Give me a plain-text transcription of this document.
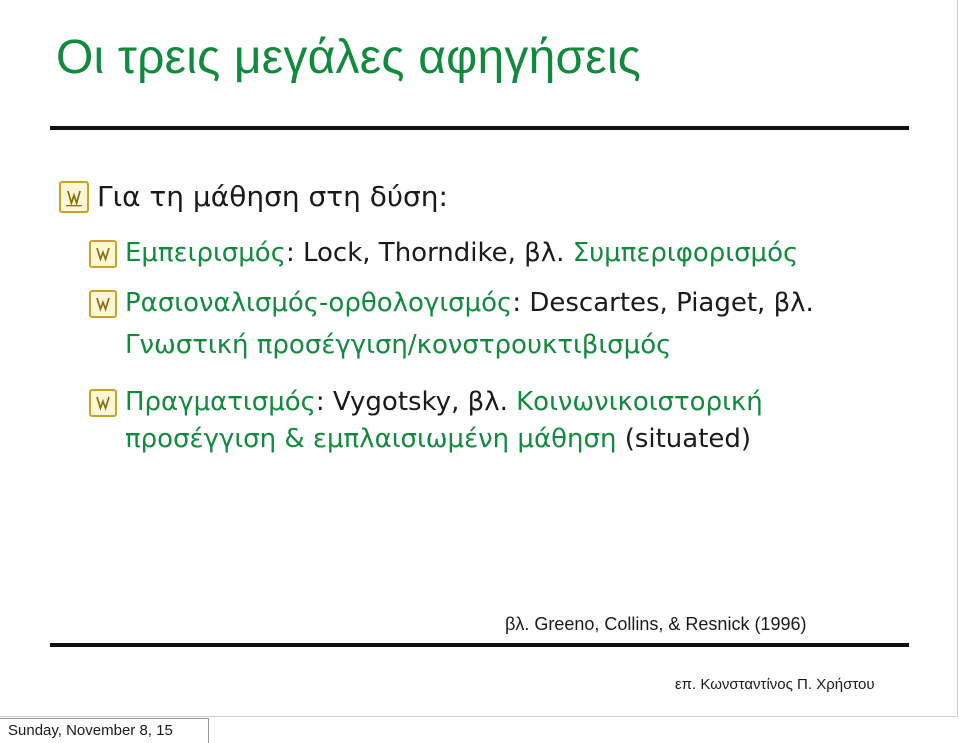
Οι τρεις μεγάλες αφηγήσεις
Για τη μάθηση στη δύση:
Εμπειρισμός: Lock, Thorndike, βλ. Συμπεριφορισμός
Ρασιοναλισμός-ορθολογισμός: Descartes, Piaget, βλ.
Γνωστική προσέγγιση/κονστρουκτιβισμός
Πραγματισμός: Vygotsky, βλ. Κοινωνικοιστορική
προσέγγιση & εμπλαισιωμένη μάθηση (situated)
βλ. Greeno, Collins, & Resnick (1996)
επ. Κωνσταντίνος Π. Χρήστου
Sunday, November 8, 15
